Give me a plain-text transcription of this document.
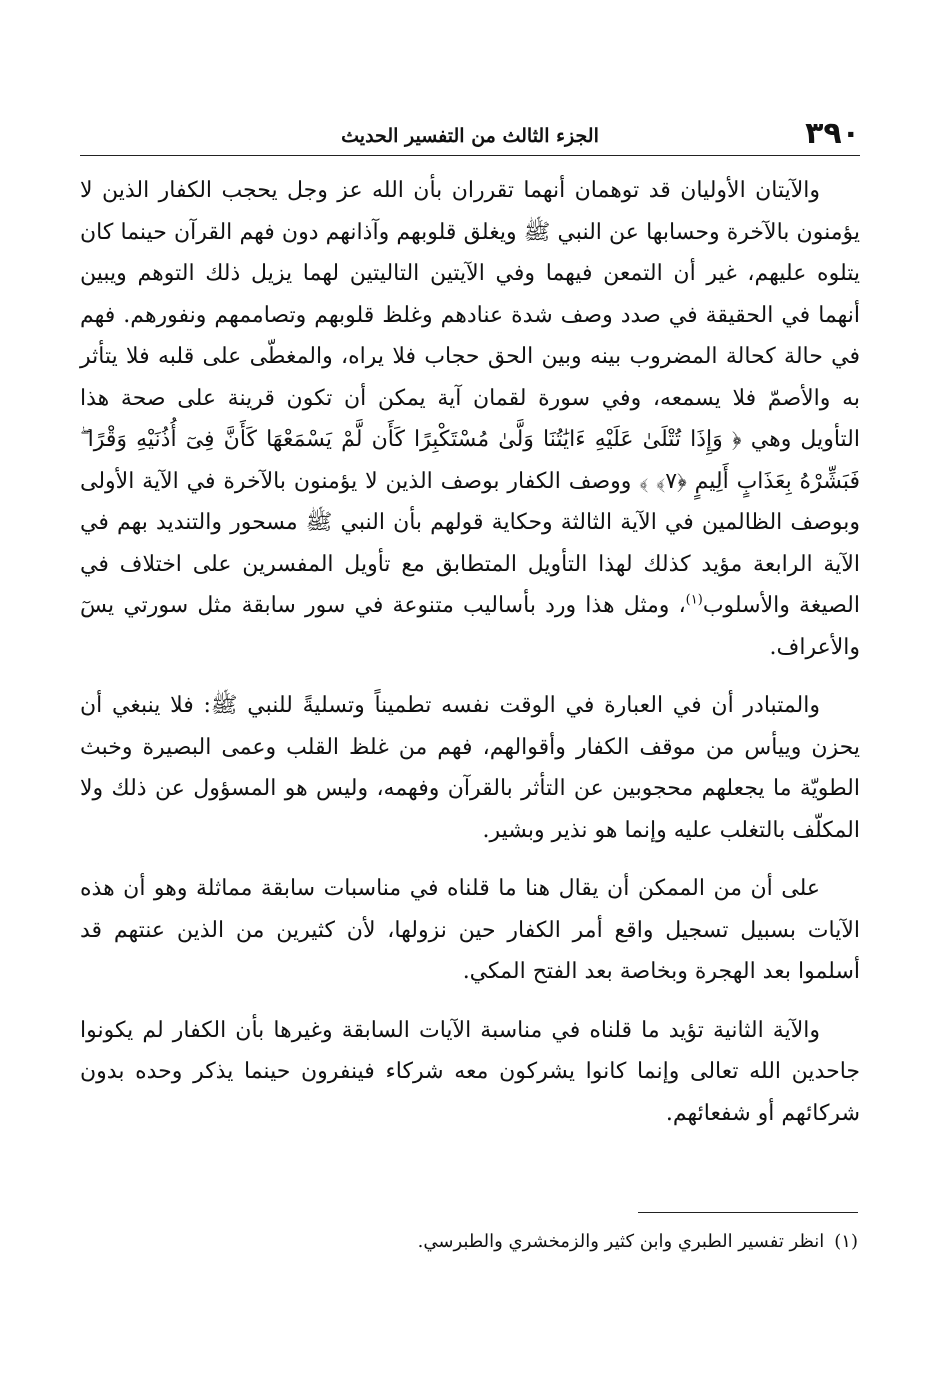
٣٩٠
الجزء الثالث من التفسير الحديث

والآيتان الأوليان قد توهمان أنهما تقرران بأن الله عز وجل يحجب الكفار الذين لا يؤمنون بالآخرة وحسابها عن النبي ﷺ ويغلق قلوبهم وآذانهم دون فهم القرآن حينما كان يتلوه عليهم، غير أن التمعن فيهما وفي الآيتين التاليتين لهما يزيل ذلك التوهم ويبين أنهما في الحقيقة في صدد وصف شدة عنادهم وغلظ قلوبهم وتصاممهم ونفورهم. فهم في حالة كحالة المضروب بينه وبين الحق حجاب فلا يراه، والمغطّى على قلبه فلا يتأثر به والأصمّ فلا يسمعه، وفي سورة لقمان آية يمكن أن تكون قرينة على صحة هذا التأويل وهي ﴿ وَإِذَا تُتْلَىٰ عَلَيْهِ ءَايَٰتُنَا وَلَّىٰ مُسْتَكْبِرًا كَأَن لَّمْ يَسْمَعْهَا كَأَنَّ فِىٓ أُذُنَيْهِ وَقْرًا ۖ فَبَشِّرْهُ بِعَذَابٍ أَلِيمٍ ﴿٧﴾ ﴾ ووصف الكفار بوصف الذين لا يؤمنون بالآخرة في الآية الأولى وبوصف الظالمين في الآية الثالثة وحكاية قولهم بأن النبي ﷺ مسحور والتنديد بهم في الآية الرابعة مؤيد كذلك لهذا التأويل المتطابق مع تأويل المفسرين على اختلاف في الصيغة والأسلوب$^{(١)}$، ومثل هذا ورد بأساليب متنوعة في سور سابقة مثل سورتي يسٓ والأعراف.

والمتبادر أن في العبارة في الوقت نفسه تطميناً وتسليةً للنبي ﷺ: فلا ينبغي أن يحزن وييأس من موقف الكفار وأقوالهم، فهم من غلظ القلب وعمى البصيرة وخبث الطويّة ما يجعلهم محجوبين عن التأثر بالقرآن وفهمه، وليس هو المسؤول عن ذلك ولا المكلّف بالتغلب عليه وإنما هو نذير وبشير.

على أن من الممكن أن يقال هنا ما قلناه في مناسبات سابقة مماثلة وهو أن هذه الآيات بسبيل تسجيل واقع أمر الكفار حين نزولها، لأن كثيرين من الذين عنتهم قد أسلموا بعد الهجرة وبخاصة بعد الفتح المكي.

والآية الثانية تؤيد ما قلناه في مناسبة الآيات السابقة وغيرها بأن الكفار لم يكونوا جاحدين الله تعالى وإنما كانوا يشركون معه شركاء فينفرون حينما يذكر وحده بدون شركائهم أو شفعائهم.

(١)انظر تفسير الطبري وابن كثير والزمخشري والطبرسي.
